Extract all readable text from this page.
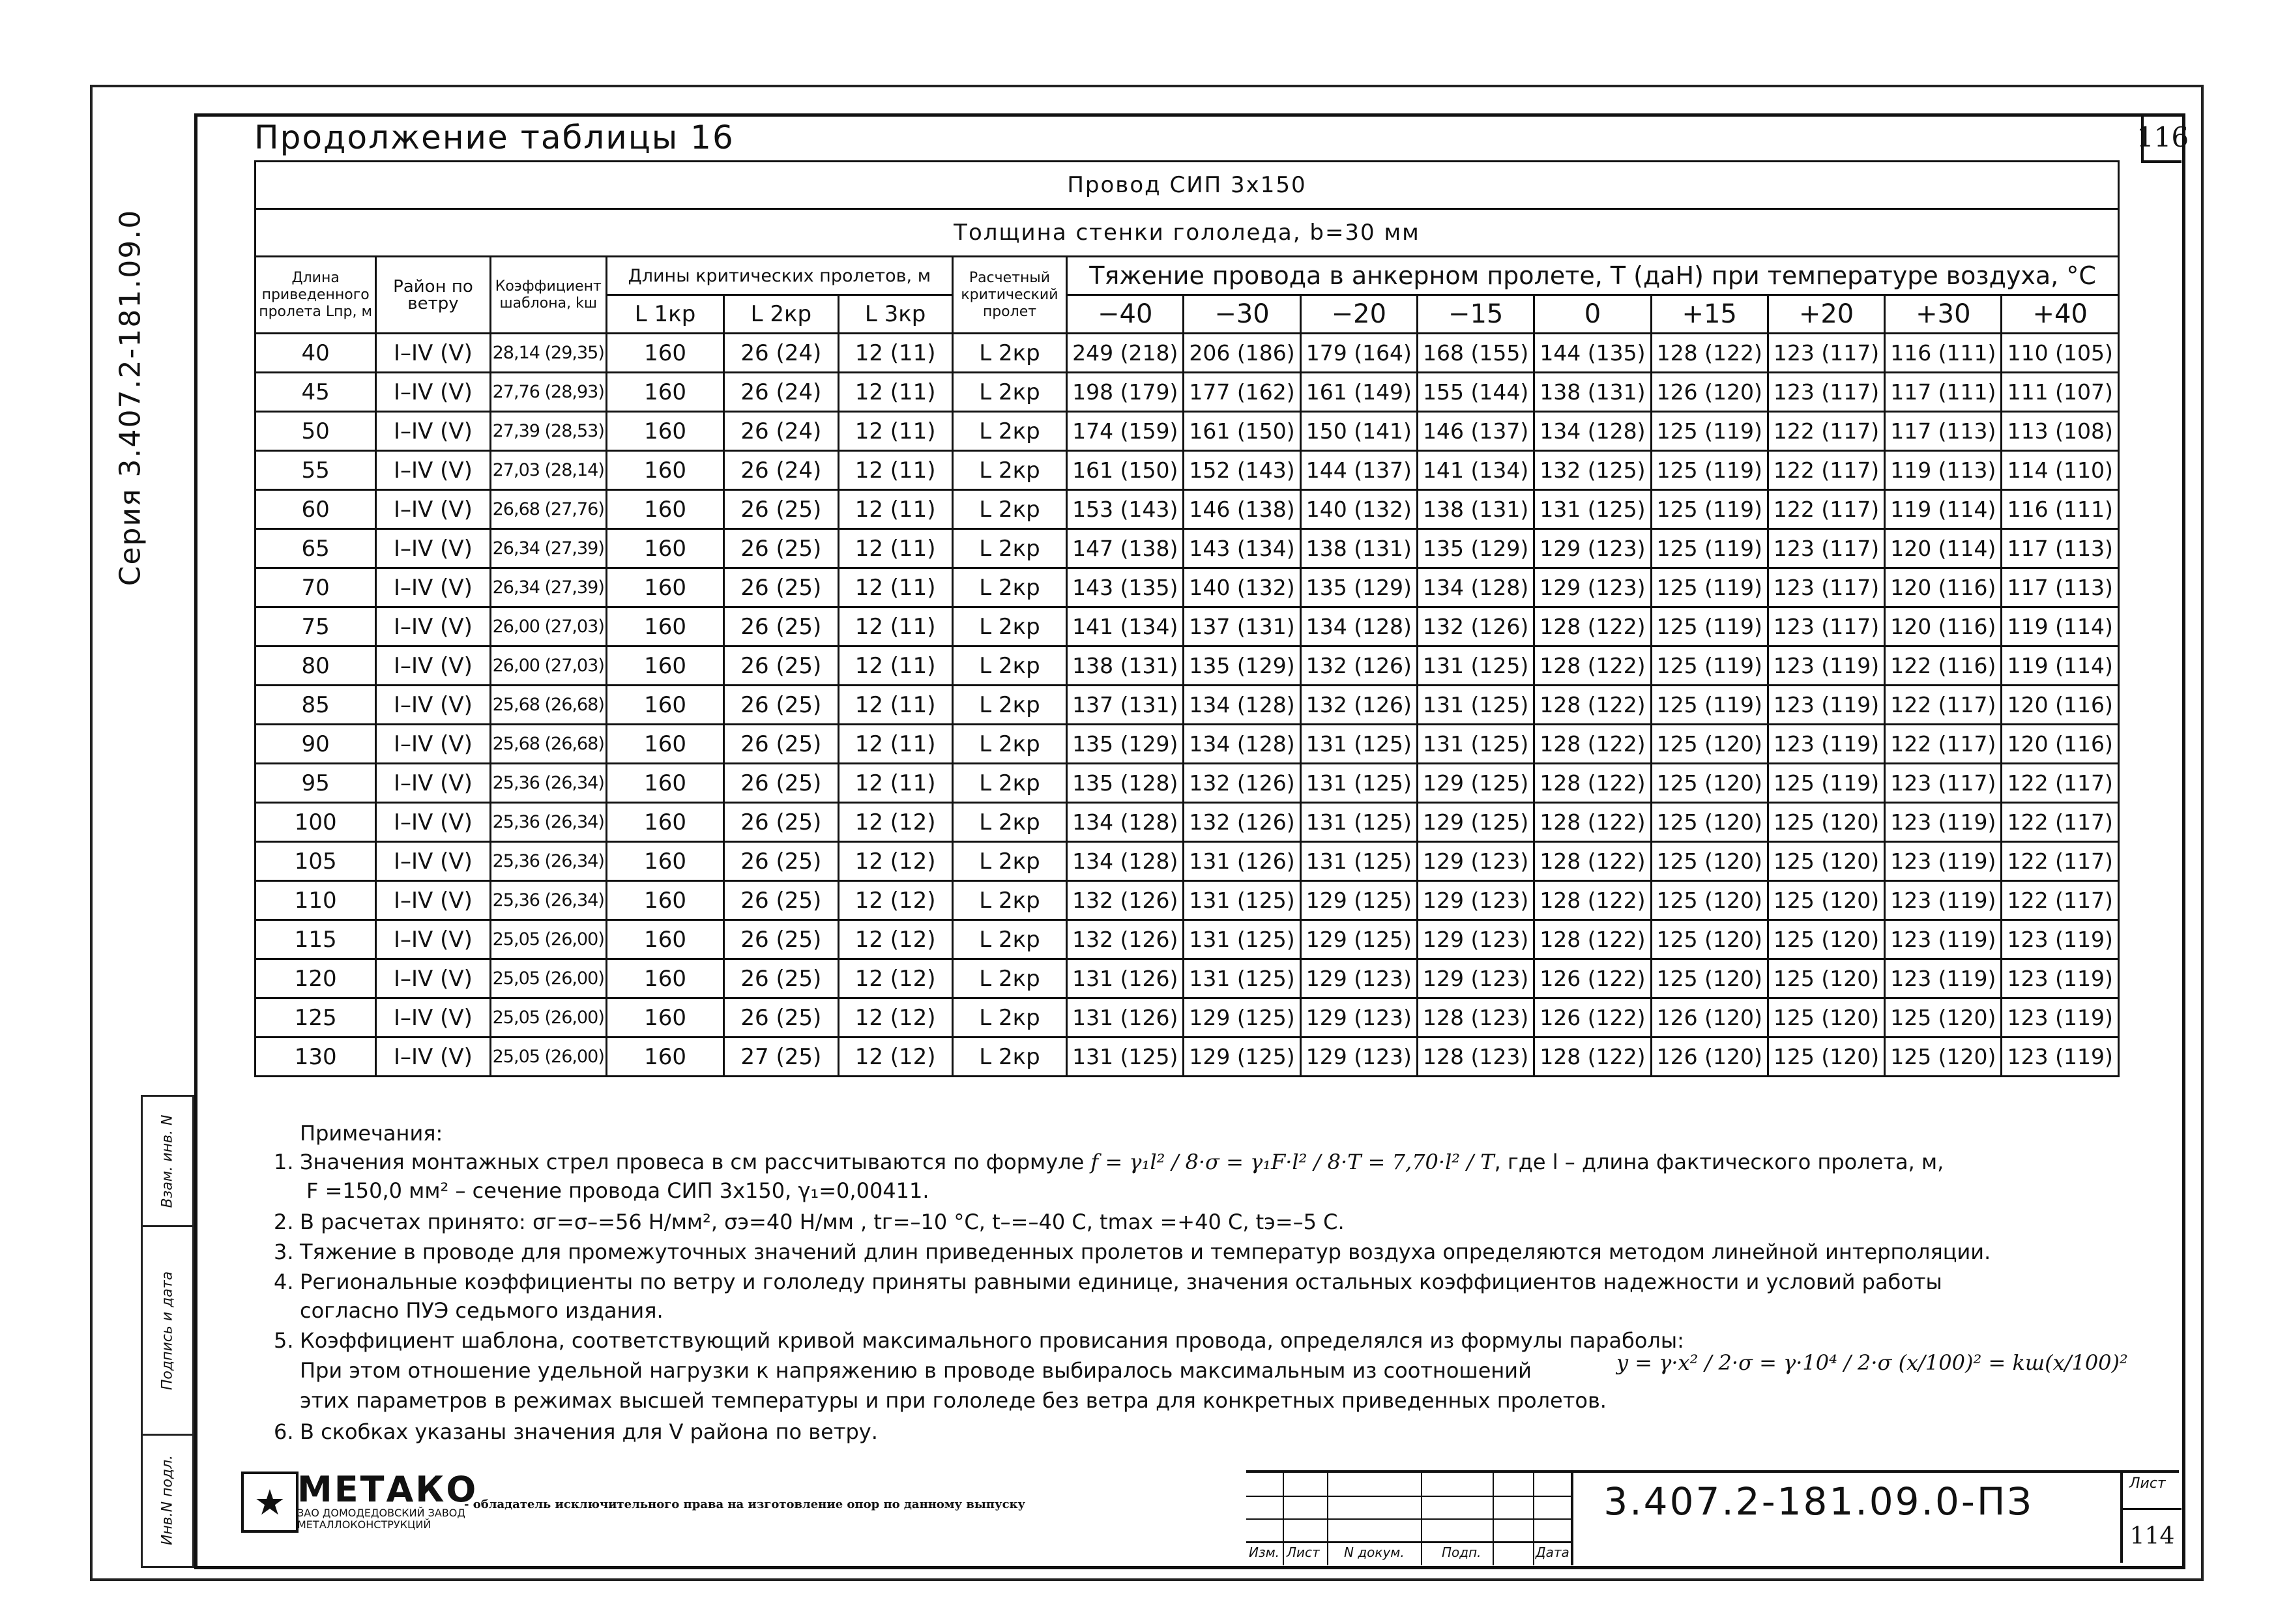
Серия 3.407.2-181.09.0
Взам. инв. N
Подпись и дата
Инв.N подл.
Продолжение таблицы 16	116
Провод СИП 3x150															
Толщина стенки гололеда, b=30 мм															
Длина приведенного пролета Lпр, м	Район по ветру	Коэффициент шаблона, kш	Длины критических пролетов, м			Расчетный критический пролет	Тяжение провода в анкерном пролете, T (даН) при температуре воздуха, °С								
			L 1кр	L 2кр	L 3кр		−40	−30	−20	−15	0	+15	+20	+30	+40
40	I–IV (V)	28,14 (29,35)	160	26 (24)	12 (11)	L 2кр	249 (218)	206 (186)	179 (164)	168 (155)	144 (135)	128 (122)	123 (117)	116 (111)	110 (105)
45	I–IV (V)	27,76 (28,93)	160	26 (24)	12 (11)	L 2кр	198 (179)	177 (162)	161 (149)	155 (144)	138 (131)	126 (120)	123 (117)	117 (111)	111 (107)
50	I–IV (V)	27,39 (28,53)	160	26 (24)	12 (11)	L 2кр	174 (159)	161 (150)	150 (141)	146 (137)	134 (128)	125 (119)	122 (117)	117 (113)	113 (108)
55	I–IV (V)	27,03 (28,14)	160	26 (24)	12 (11)	L 2кр	161 (150)	152 (143)	144 (137)	141 (134)	132 (125)	125 (119)	122 (117)	119 (113)	114 (110)
60	I–IV (V)	26,68 (27,76)	160	26 (25)	12 (11)	L 2кр	153 (143)	146 (138)	140 (132)	138 (131)	131 (125)	125 (119)	122 (117)	119 (114)	116 (111)
65	I–IV (V)	26,34 (27,39)	160	26 (25)	12 (11)	L 2кр	147 (138)	143 (134)	138 (131)	135 (129)	129 (123)	125 (119)	123 (117)	120 (114)	117 (113)
70	I–IV (V)	26,34 (27,39)	160	26 (25)	12 (11)	L 2кр	143 (135)	140 (132)	135 (129)	134 (128)	129 (123)	125 (119)	123 (117)	120 (116)	117 (113)
75	I–IV (V)	26,00 (27,03)	160	26 (25)	12 (11)	L 2кр	141 (134)	137 (131)	134 (128)	132 (126)	128 (122)	125 (119)	123 (117)	120 (116)	119 (114)
80	I–IV (V)	26,00 (27,03)	160	26 (25)	12 (11)	L 2кр	138 (131)	135 (129)	132 (126)	131 (125)	128 (122)	125 (119)	123 (119)	122 (116)	119 (114)
85	I–IV (V)	25,68 (26,68)	160	26 (25)	12 (11)	L 2кр	137 (131)	134 (128)	132 (126)	131 (125)	128 (122)	125 (119)	123 (119)	122 (117)	120 (116)
90	I–IV (V)	25,68 (26,68)	160	26 (25)	12 (11)	L 2кр	135 (129)	134 (128)	131 (125)	131 (125)	128 (122)	125 (120)	123 (119)	122 (117)	120 (116)
95	I–IV (V)	25,36 (26,34)	160	26 (25)	12 (11)	L 2кр	135 (128)	132 (126)	131 (125)	129 (125)	128 (122)	125 (120)	125 (119)	123 (117)	122 (117)
100	I–IV (V)	25,36 (26,34)	160	26 (25)	12 (12)	L 2кр	134 (128)	132 (126)	131 (125)	129 (125)	128 (122)	125 (120)	125 (120)	123 (119)	122 (117)
105	I–IV (V)	25,36 (26,34)	160	26 (25)	12 (12)	L 2кр	134 (128)	131 (126)	131 (125)	129 (123)	128 (122)	125 (120)	125 (120)	123 (119)	122 (117)
110	I–IV (V)	25,36 (26,34)	160	26 (25)	12 (12)	L 2кр	132 (126)	131 (125)	129 (125)	129 (123)	128 (122)	125 (120)	125 (120)	123 (119)	122 (117)
115	I–IV (V)	25,05 (26,00)	160	26 (25)	12 (12)	L 2кр	132 (126)	131 (125)	129 (125)	129 (123)	128 (122)	125 (120)	125 (120)	123 (119)	123 (119)
120	I–IV (V)	25,05 (26,00)	160	26 (25)	12 (12)	L 2кр	131 (126)	131 (125)	129 (123)	129 (123)	126 (122)	125 (120)	125 (120)	123 (119)	123 (119)
125	I–IV (V)	25,05 (26,00)	160	26 (25)	12 (12)	L 2кр	131 (126)	129 (125)	129 (123)	128 (123)	126 (122)	126 (120)	125 (120)	125 (120)	123 (119)
130	I–IV (V)	25,05 (26,00)	160	27 (25)	12 (12)	L 2кр	131 (125)	129 (125)	129 (123)	128 (123)	128 (122)	126 (120)	125 (120)	125 (120)	123 (119)
Примечания:
1. Значения монтажных стрел провеса в см рассчитываются по формуле f = γ₁l² / 8·σ = γ₁F·l² / 8·T = 7,70·l² / T, где l – длина фактического пролета, м,
F =150,0 мм² – сечение провода СИП 3x150, γ₁=0,00411.
2. В расчетах принято: σг=σ–=56 Н/мм², σэ=40 Н/мм , tг=–10 °С, t–=–40 С, tmax =+40 С, tэ=–5 С.
3. Тяжение в проводе для промежуточных значений длин приведенных пролетов и температур воздуха определяются методом линейной интерполяции.
4. Региональные коэффициенты по ветру и гололеду приняты равными единице, значения остальных коэффициентов надежности и условий работы
согласно ПУЭ седьмого издания.
5. Коэффициент шаблона, соответствующий кривой максимального провисания провода, определялся из формулы параболы:
y = γ·x² / 2·σ = γ·10⁴ / 2·σ (x/100)² = kш(x/100)²
При этом отношение удельной нагрузки к напряжению в проводе выбиралось максимальным из соотношений
этих параметров в режимах высшей температуры и при гололеде без ветра для конкретных приведенных пролетов.
6. В скобках указаны значения для V района по ветру.
★ МЕТАКО
ЗАО ДОМОДЕДОВСКИЙ ЗАВОД
МЕТАЛЛОКОНСТРУКЦИЙ
- обладатель исключительного права на изготовление опор по данному выпуску
Изм. Лист N докум.	Подп.	Дата
3.407.2-181.09.0-ПЗ	Лист
114
